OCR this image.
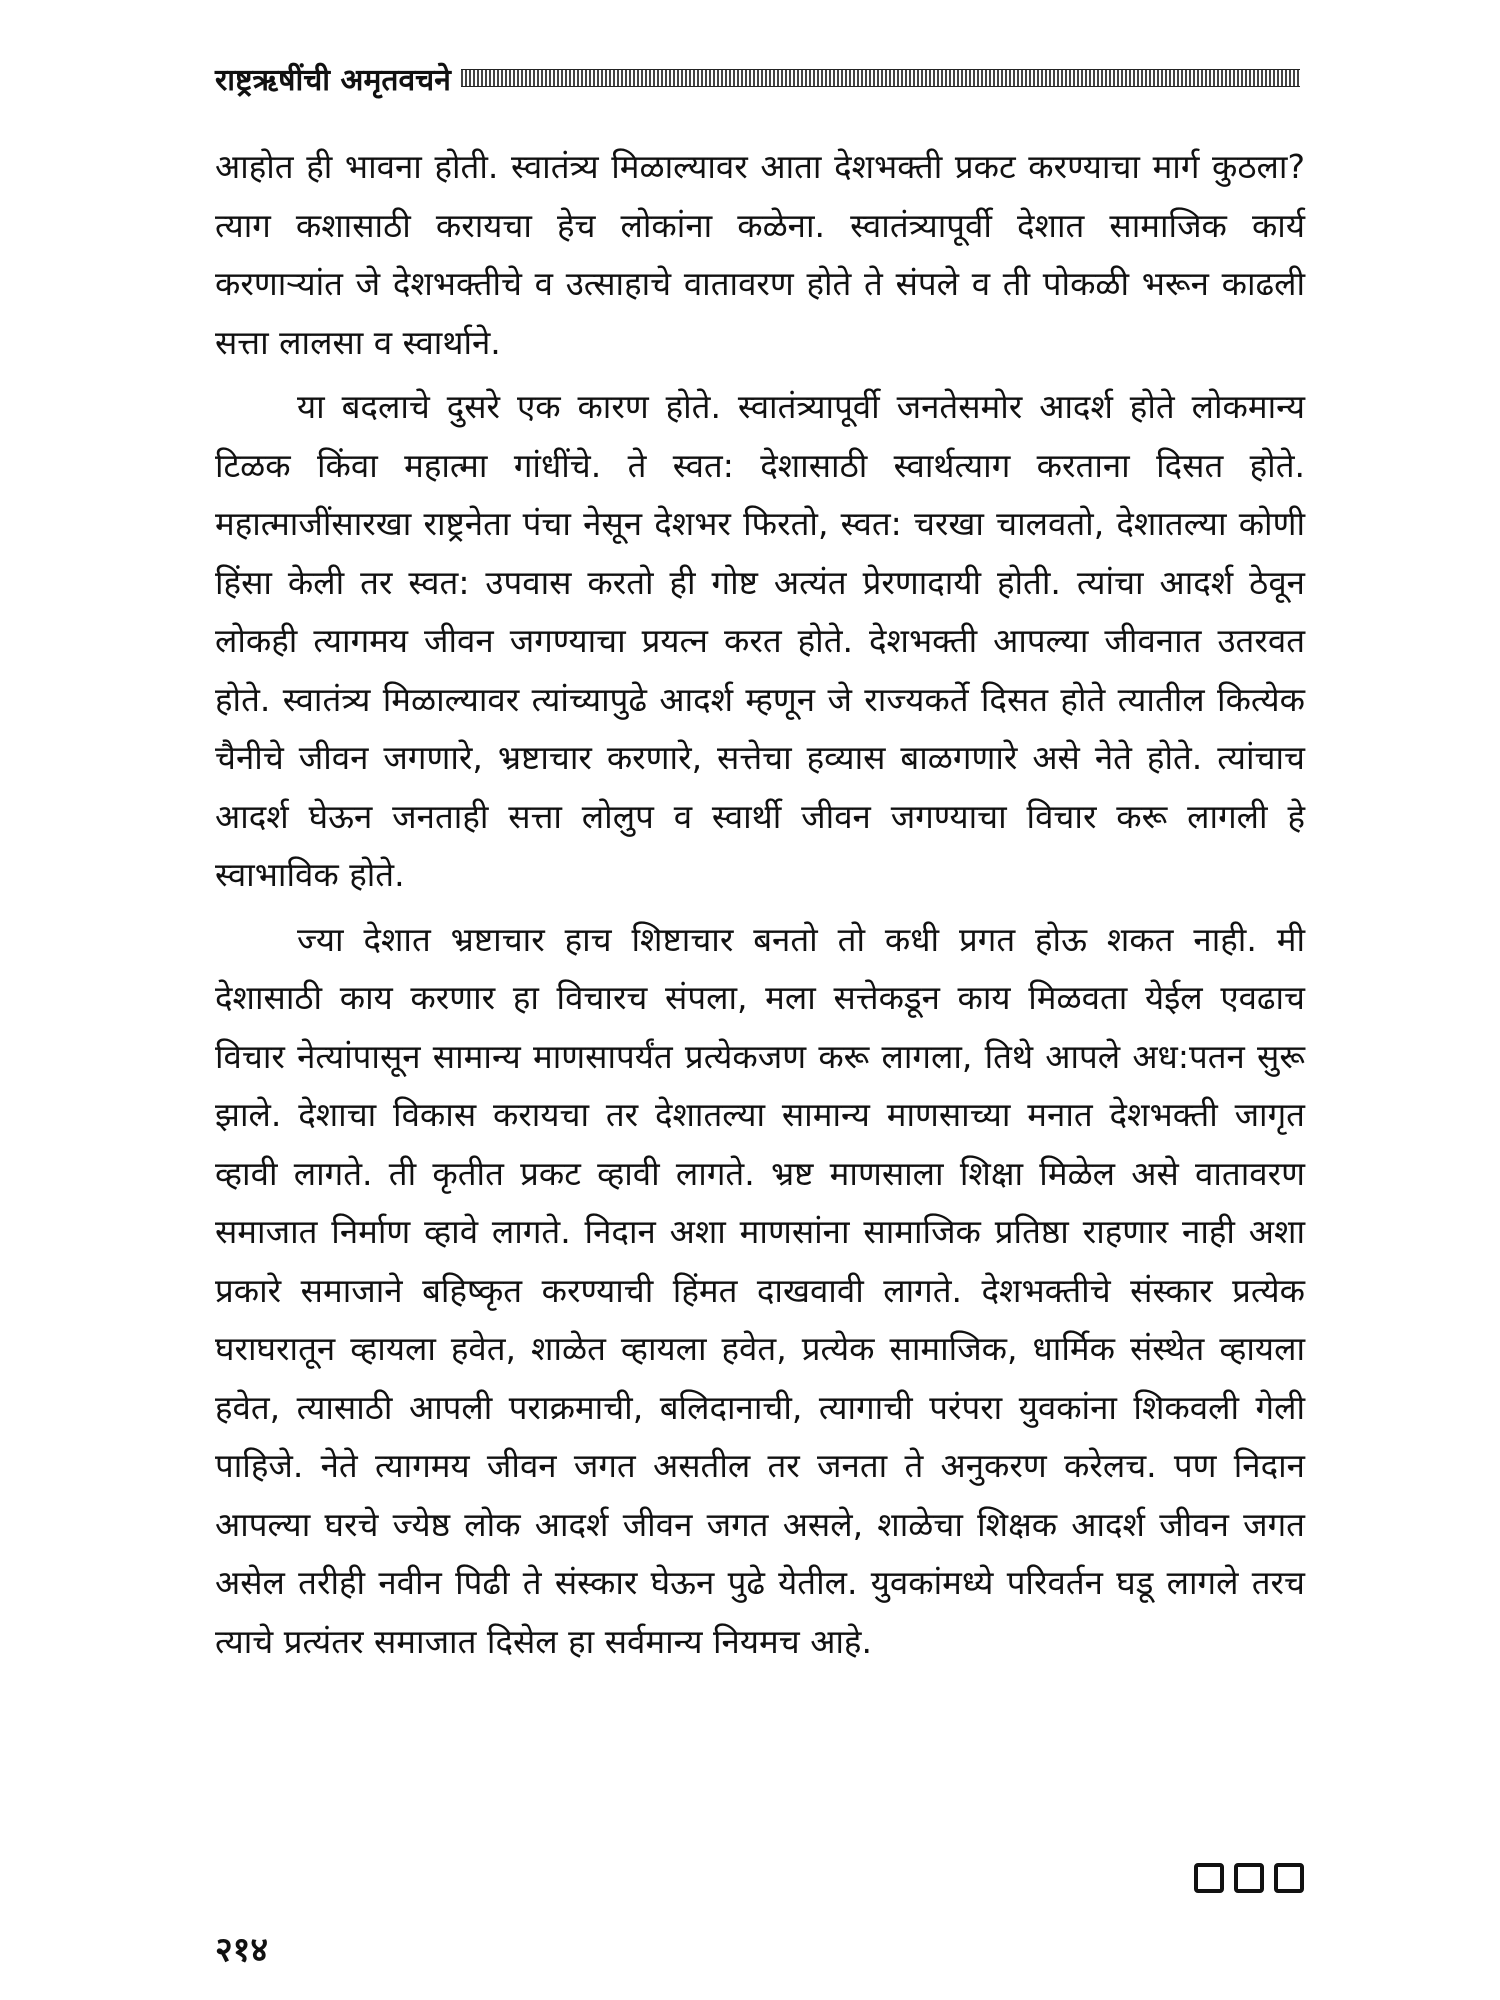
राष्ट्रऋषींची अमृतवचने

आहोत ही भावना होती. स्वातंत्र्य मिळाल्यावर आता देशभक्ती प्रकट करण्याचा मार्ग कुठला? त्याग कशासाठी करायचा हेच लोकांना कळेना. स्वातंत्र्यापूर्वी देशात सामाजिक कार्य करणाऱ्यांत जे देशभक्तीचे व उत्साहाचे वातावरण होते ते संपले व ती पोकळी भरून काढली सत्ता लालसा व स्वार्थाने.

या बदलाचे दुसरे एक कारण होते. स्वातंत्र्यापूर्वी जनतेसमोर आदर्श होते लोकमान्य टिळक किंवा महात्मा गांधींचे. ते स्वत: देशासाठी स्वार्थत्याग करताना दिसत होते. महात्माजींसारखा राष्ट्रनेता पंचा नेसून देशभर फिरतो, स्वत: चरखा चालवतो, देशातल्या कोणी हिंसा केली तर स्वत: उपवास करतो ही गोष्ट अत्यंत प्रेरणादायी होती. त्यांचा आदर्श ठेवून लोकही त्यागमय जीवन जगण्याचा प्रयत्न करत होते. देशभक्ती आपल्या जीवनात उतरवत होते. स्वातंत्र्य मिळाल्यावर त्यांच्यापुढे आदर्श म्हणून जे राज्यकर्ते दिसत होते त्यातील कित्येक चैनीचे जीवन जगणारे, भ्रष्टाचार करणारे, सत्तेचा हव्यास बाळगणारे असे नेते होते. त्यांचाच आदर्श घेऊन जनताही सत्ता लोलुप व स्वार्थी जीवन जगण्याचा विचार करू लागली हे स्वाभाविक होते.

ज्या देशात भ्रष्टाचार हाच शिष्टाचार बनतो तो कधी प्रगत होऊ शकत नाही. मी देशासाठी काय करणार हा विचारच संपला, मला सत्तेकडून काय मिळवता येईल एवढाच विचार नेत्यांपासून सामान्य माणसापर्यंत प्रत्येकजण करू लागला, तिथे आपले अध:पतन सुरू झाले. देशाचा विकास करायचा तर देशातल्या सामान्य माणसाच्या मनात देशभक्ती जागृत व्हावी लागते. ती कृतीत प्रकट व्हावी लागते. भ्रष्ट माणसाला शिक्षा मिळेल असे वातावरण समाजात निर्माण व्हावे लागते. निदान अशा माणसांना सामाजिक प्रतिष्ठा राहणार नाही अशा प्रकारे समाजाने बहिष्कृत करण्याची हिंमत दाखवावी लागते. देशभक्तीचे संस्कार प्रत्येक घराघरातून व्हायला हवेत, शाळेत व्हायला हवेत, प्रत्येक सामाजिक, धार्मिक संस्थेत व्हायला हवेत, त्यासाठी आपली पराक्रमाची, बलिदानाची, त्यागाची परंपरा युवकांना शिकवली गेली पाहिजे. नेते त्यागमय जीवन जगत असतील तर जनता ते अनुकरण करेलच. पण निदान आपल्या घरचे ज्येष्ठ लोक आदर्श जीवन जगत असले, शाळेचा शिक्षक आदर्श जीवन जगत असेल तरीही नवीन पिढी ते संस्कार घेऊन पुढे येतील. युवकांमध्ये परिवर्तन घडू लागले तरच त्याचे प्रत्यंतर समाजात दिसेल हा सर्वमान्य नियमच आहे.

२१४
